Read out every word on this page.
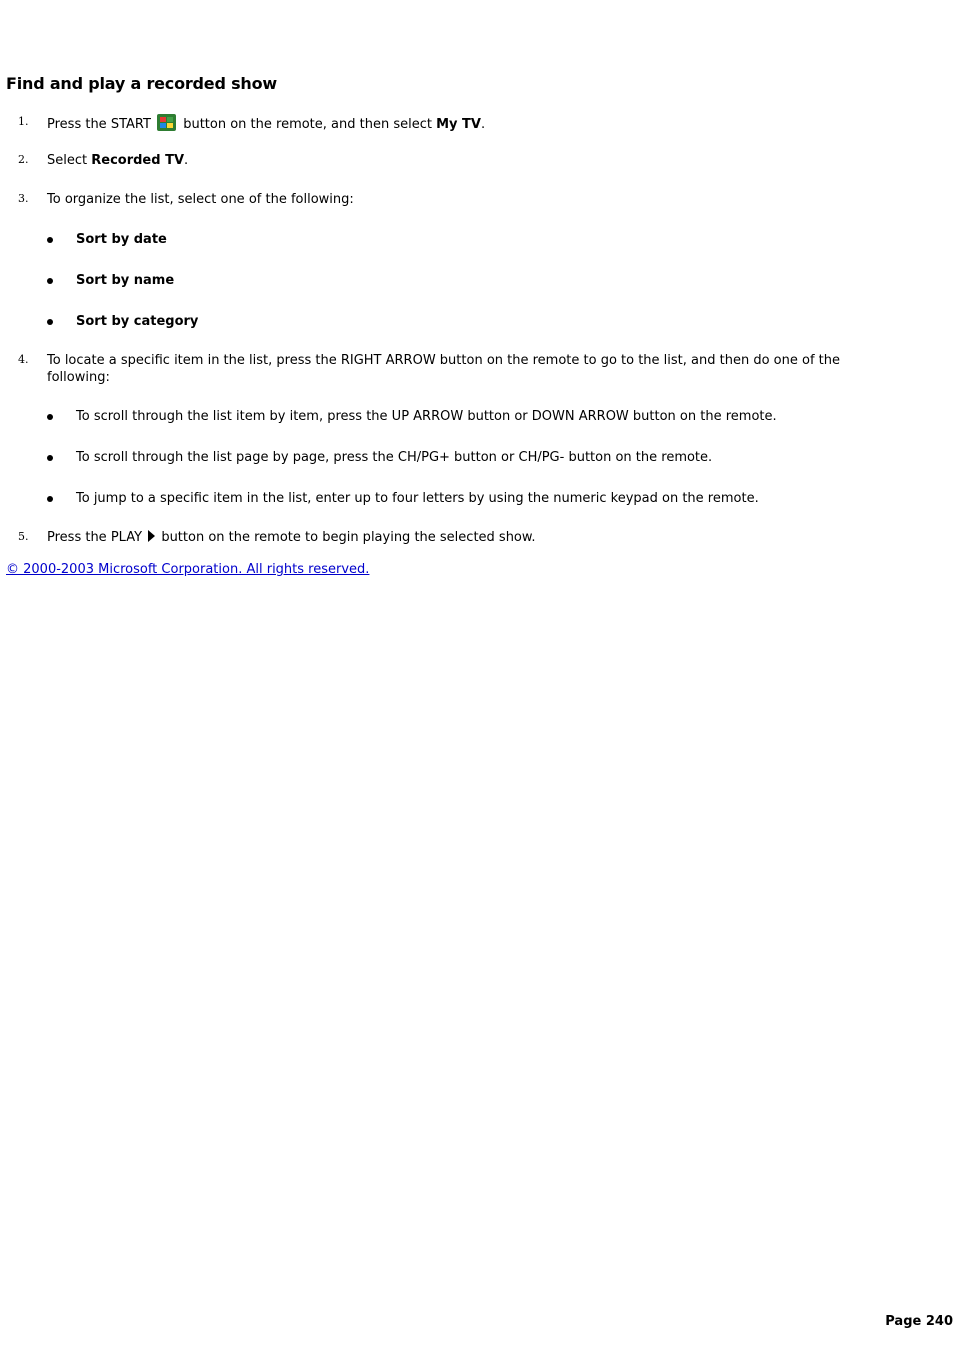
Find and play a recorded show
1. Press the START button on the remote, and then select My TV.
2. Select Recorded TV.
3. To organize the list, select one of the following:
Sort by date
Sort by name
Sort by category
4. To locate a specific item in the list, press the RIGHT ARROW button on the remote to go to the list, and then do one of the
following:
To scroll through the list item by item, press the UP ARROW button or DOWN ARROW button on the remote.
To scroll through the list page by page, press the CH/PG+ button or CH/PG- button on the remote.
To jump to a specific item in the list, enter up to four letters by using the numeric keypad on the remote.
5. Press the PLAY button on the remote to begin playing the selected show.
© 2000-2003 Microsoft Corporation. All rights reserved.
Page 240
